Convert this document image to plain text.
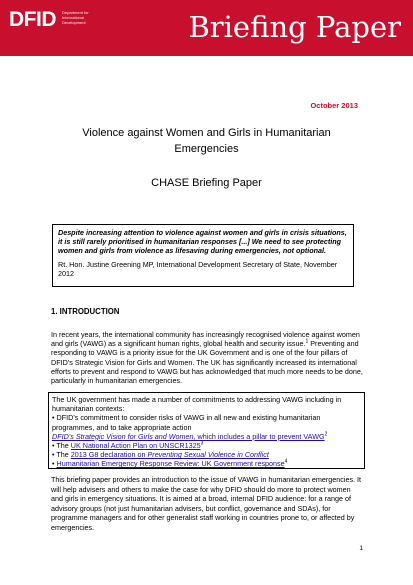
DFID Department for International Development	Briefing Paper
October 2013
Violence against Women and Girls in Humanitarian Emergencies
CHASE Briefing Paper

Despite increasing attention to violence against women and girls in crisis situations, it is still rarely prioritised in humanitarian responses [...] We need to see protecting women and girls from violence as lifesaving during emergencies, not optional.

Rt. Hon. Justine Greening MP, International Development Secretary of State, November 2012

1. INTRODUCTION

In recent years, the international community has increasingly recognised violence against women and girls (VAWG) as a significant human rights, global health and security issue.$^1$ Preventing and responding to VAWG is a priority issue for the UK Government and is one of the four pillars of DFID’s Strategic Vision for Girls and Women. The UK has significantly increased its international efforts to prevent and respond to VAWG but has acknowledged that much more needs to be done, particularly in humanitarian emergencies.

The UK government has made a number of commitments to addressing VAWG including in humanitarian contexts:

• DFID’s commitment to consider risks of VAWG in all new and existing humanitarian programmes, and to take appropriate action

DFID’s Strategic Vision for Girls and Women, which includes a pillar to prevent VAWG$^2$

• The UK National Action Plan on UNSCR1325$^3$

• The 2013 G8 declaration on Preventing Sexual Violence in Conflict

• Humanitarian Emergency Response Review: UK Government response$^4$

This briefing paper provides an introduction to the issue of VAWG in humanitarian emergencies. It will help advisers and others to make the case for why DFID should do more to protect women and girls in emergency situations. It is aimed at a broad, internal DFID audience: for a range of advisory groups (not just humanitarian advisers, but conflict, governance and SDAs), for programme managers and for other generalist staff working in countries prone to, or affected by emergencies.

1
